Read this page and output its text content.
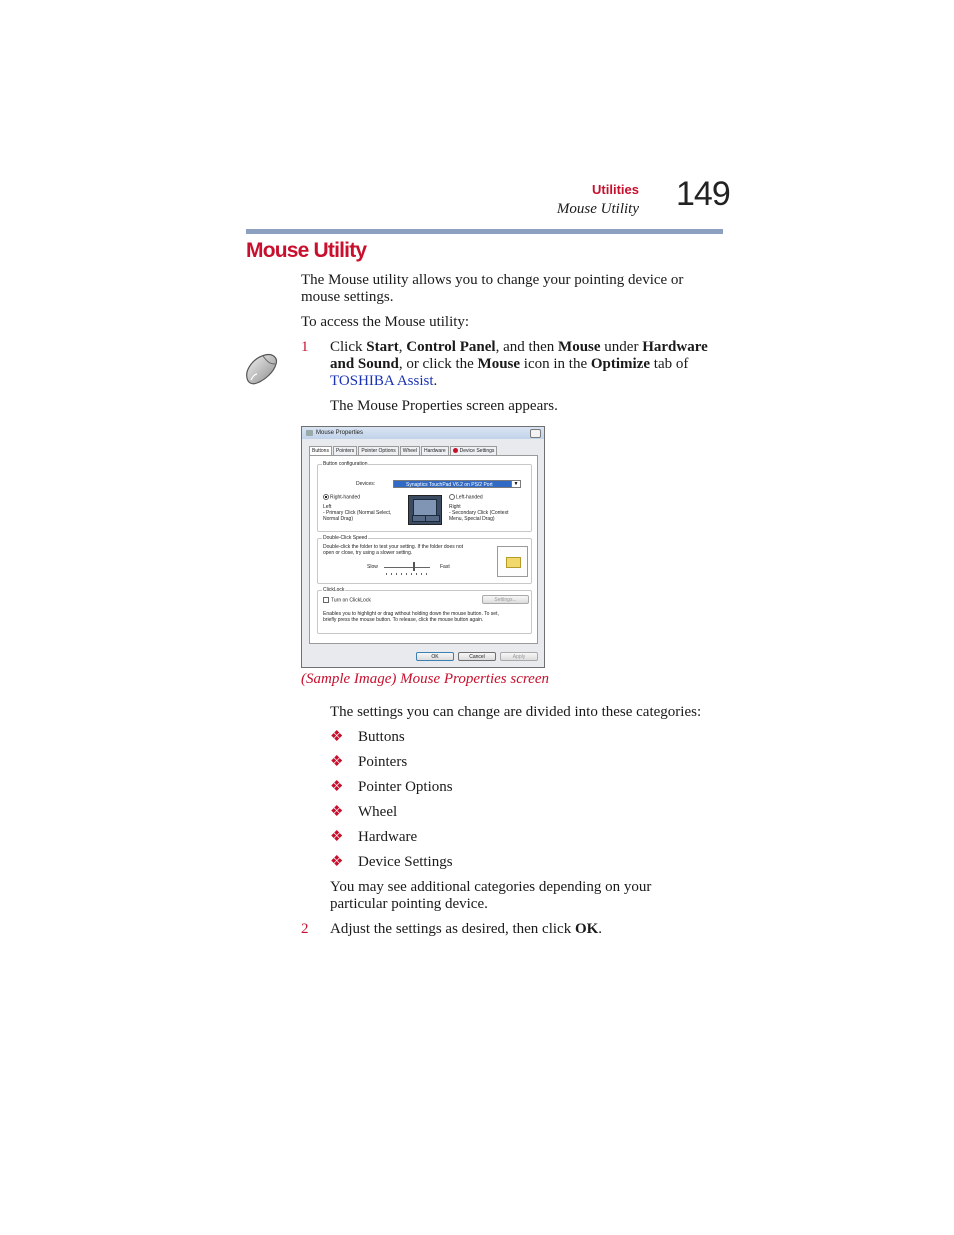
Utilities
Mouse Utility 149
Mouse Utility

The Mouse utility allows you to change your pointing device or mouse settings.

To access the Mouse utility:

1 Click Start, Control Panel, and then Mouse under Hardware and Sound, or click the Mouse icon in the Optimize tab of TOSHIBA Assist.

The Mouse Properties screen appears.

Mouse Properties
Buttons	Pointers	Pointer Options	Wheel	Hardware	Device Settings
Button configuration
Devices:	Synaptics TouchPad V6.2 on PS/2 Port	▼
Right-handed	Left-handed
Left
- Primary Click (Normal Select,
Normal Drag)
Right
- Secondary Click (Context
Menu, Special Drag)
Double-Click Speed
Double-click the folder to test your setting. If the folder does not
open or close, try using a slower setting.
Slow	Fast
ClickLock
Turn on ClickLock	Settings...
Enables you to highlight or drag without holding down the mouse button. To set,
briefly press the mouse button. To release, click the mouse button again.
OK	Cancel	Apply
(Sample Image) Mouse Properties screen

The settings you can change are divided into these categories:

❖ Buttons

❖ Pointers

❖ Pointer Options

❖ Wheel

❖ Hardware

❖ Device Settings

You may see additional categories depending on your particular pointing device.

2 Adjust the settings as desired, then click OK.
